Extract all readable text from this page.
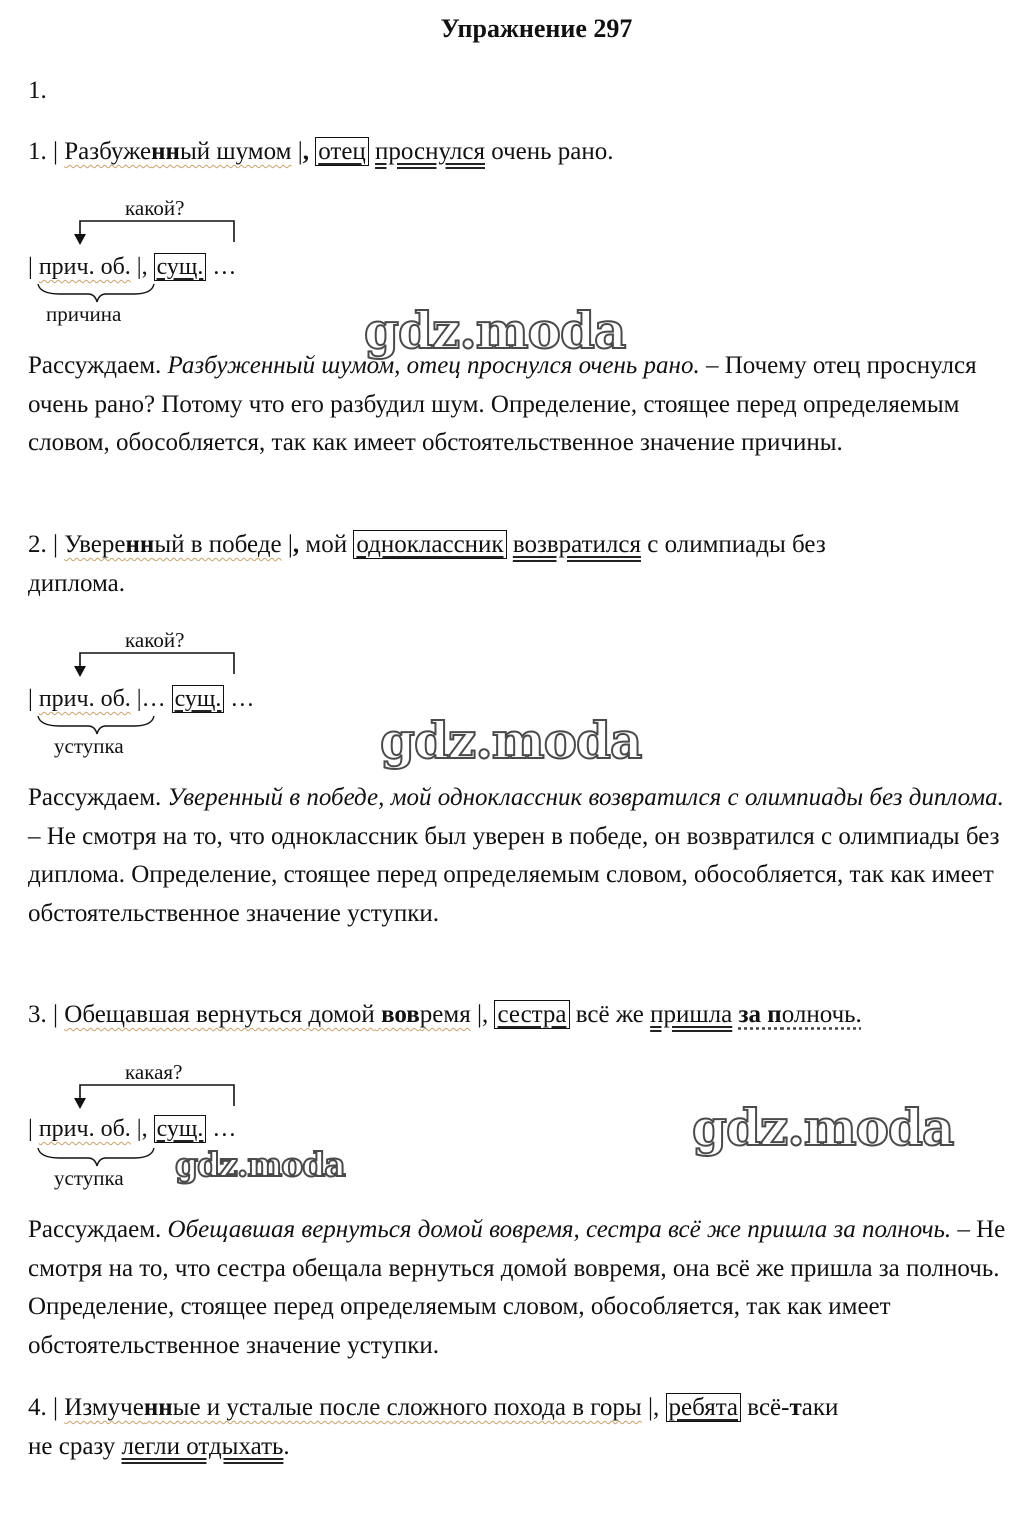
Упражнение 297
1.
1. | Разбуженный шумом |, отец проснулся очень рано.
какой?
| прич. об. |, сущ. …
причина	gdz.moda

Рассуждаем. Разбуженный шумом, отец проснулся очень рано. – Почему отец проснулся очень рано? Потому что его разбудил шум. Определение, стоящее перед определяемым словом, обособляется, так как имеет обстоятельственное значение причины.

2. | Уверенный в победе |, мой одноклассник возвратился с олимпиады без
диплома.
какой?
| прич. об. |… сущ. …
уступка	gdz.moda

Рассуждаем. Уверенный в победе, мой одноклассник возвратился с олимпиады без диплома. – Не смотря на то, что одноклассник был уверен в победе, он возвратился с олимпиады без диплома. Определение, стоящее перед определяемым словом, обособляется, так как имеет обстоятельственное значение уступки.

3. | Обещавшая вернуться домой вовремя |, сестра всё же пришла за полночь.
какая?
| прич. об. |, сущ. …
уступка gdz.moda
gdz.moda

Рассуждаем. Обещавшая вернуться домой вовремя, сестра всё же пришла за полночь. – Не смотря на то, что сестра обещала вернуться домой вовремя, она всё же пришла за полночь. Определение, стоящее перед определяемым словом, обособляется, так как имеет обстоятельственное значение уступки.

4. | Измученные и усталые после сложного похода в горы |, ребята всё-таки
не сразу легли отдыхать.
